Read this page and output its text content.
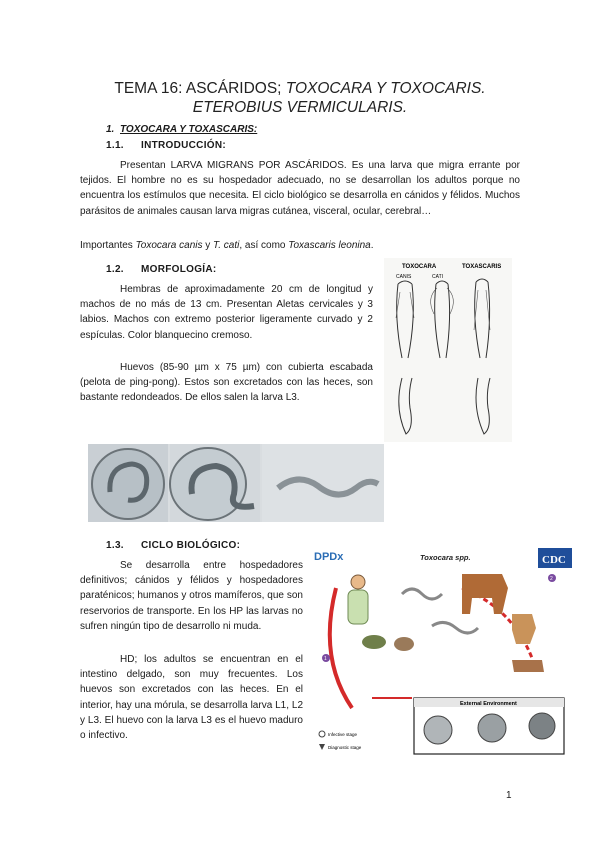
TEMA 16: ASCÁRIDOS; TOXOCARA Y TOXOCARIS.
ETEROBIUS VERMICULARIS.
1. TOXOCARA Y TOXASCARIS:
1.1. INTRODUCCIÓN:

Presentan LARVA MIGRANS POR ASCÁRIDOS. Es una larva que migra errante por tejidos. El hombre no es su hospedador adecuado, no se desarrollan los adultos porque no encuentra los estímulos que necesita. El ciclo biológico se desarrolla en cánidos y félidos. Muchos parásitos de animales causan larva migras cutánea, visceral, ocular, cerebral…

Importantes Toxocara canis y T. cati, así como Toxascaris leonina.

1.2. MORFOLOGÍA:

Hembras de aproximadamente 20 cm de longitud y machos de no más de 13 cm. Presentan Aletas cervicales y 3 labios. Machos con extremo posterior ligeramente curvado y 2 espículas. Color blanquecino cremoso.

Huevos (85-90 µm x 75 µm) con cubierta escabada (pelota de ping-pong). Estos son excretados con las heces, son bastante redondeados. De ellos salen la larva L3.

TOXOCARA	TOXASCARIS
CANIS	CATI
1.3. CICLO BIOLÓGICO:

Se desarrolla entre hospedadores definitivos; cánidos y félidos y hospedadores paraténicos; humanos y otros mamíferos, que son reservorios de transporte. En los HP las larvas no sufren ningún tipo de desarrollo ni muda.

HD; los adultos se encuentran en el intestino delgado, son muy frecuentes. Los huevos son excretados con las heces. En el interior, hay una mórula, se desarrolla larva L1, L2 y L3. El huevo con la larva L3 es el huevo maduro o infectivo.

DPDx	Toxocara spp.	CDC
1
2
External Environment
Infective stage
Diagnostic stage
1
